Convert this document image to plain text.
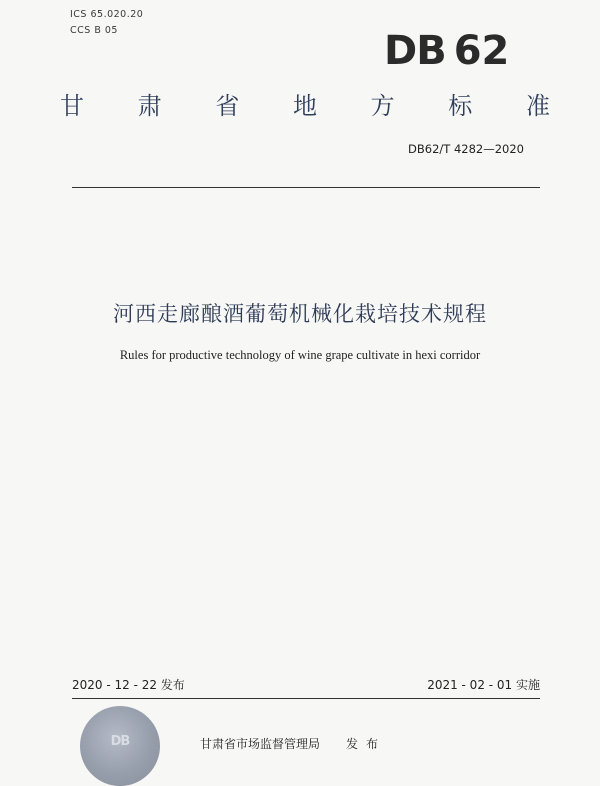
ICS 65.020.20
CCS B 05	DB 62
甘 肃 省 地 方 标 准
DB62/T 4282—2020
河西走廊酿酒葡萄机械化栽培技术规程
Rules for productive technology of wine grape cultivate in hexi corridor
2020 - 12 - 22 发布	2021 - 02 - 01 实施
DB	甘肃省市场监督管理局 发布
